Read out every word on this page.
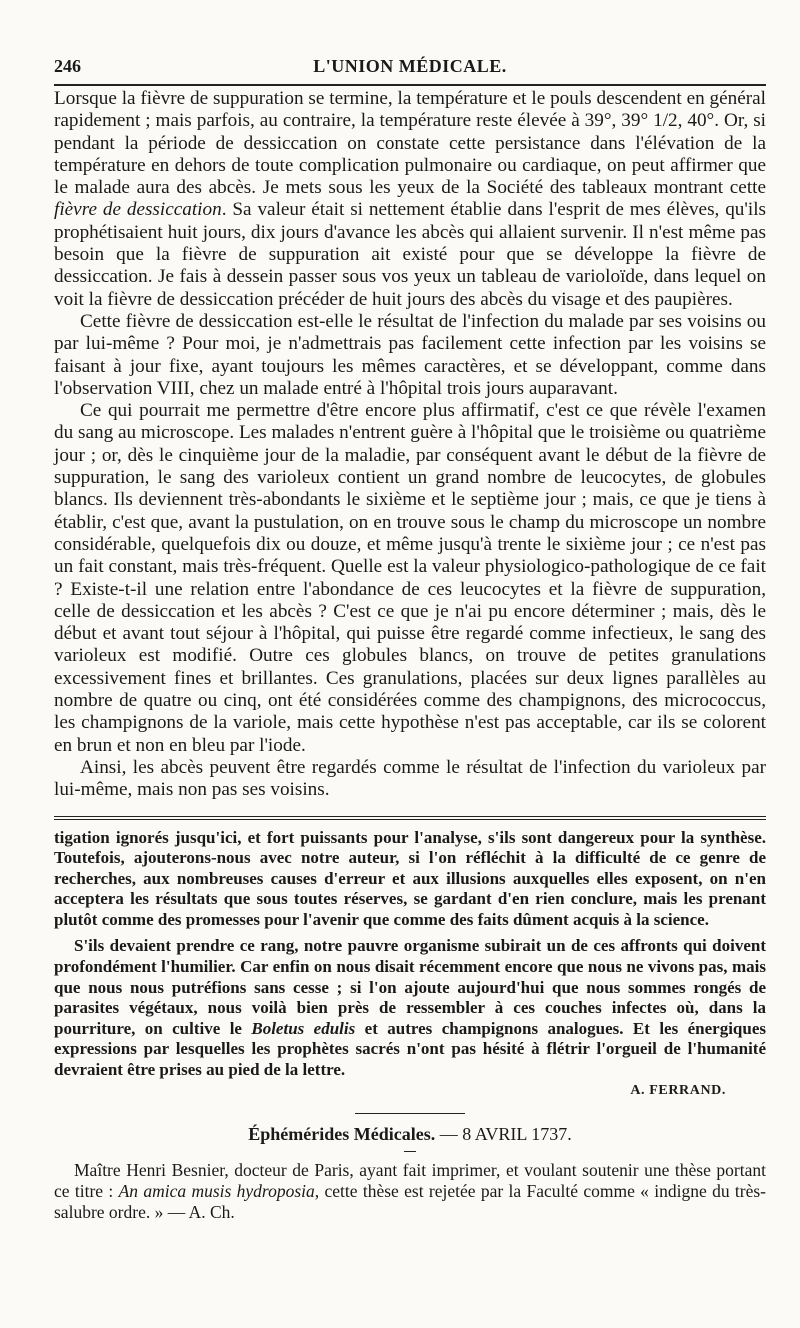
246	L'UNION MÉDICALE.

Lorsque la fièvre de suppuration se termine, la température et le pouls descendent en général rapidement ; mais parfois, au contraire, la température reste élevée à 39°, 39° 1/2, 40°. Or, si pendant la période de dessiccation on constate cette persistance dans l'élévation de la température en dehors de toute complication pulmonaire ou cardiaque, on peut affirmer que le malade aura des abcès. Je mets sous les yeux de la Société des tableaux montrant cette fièvre de dessiccation. Sa valeur était si nettement établie dans l'esprit de mes élèves, qu'ils prophétisaient huit jours, dix jours d'avance les abcès qui allaient survenir. Il n'est même pas besoin que la fièvre de suppuration ait existé pour que se développe la fièvre de dessiccation. Je fais à dessein passer sous vos yeux un tableau de varioloïde, dans lequel on voit la fièvre de dessiccation précéder de huit jours des abcès du visage et des paupières.

Cette fièvre de dessiccation est-elle le résultat de l'infection du malade par ses voisins ou par lui-même ? Pour moi, je n'admettrais pas facilement cette infection par les voisins se faisant à jour fixe, ayant toujours les mêmes caractères, et se développant, comme dans l'observation VIII, chez un malade entré à l'hôpital trois jours auparavant.

Ce qui pourrait me permettre d'être encore plus affirmatif, c'est ce que révèle l'examen du sang au microscope. Les malades n'entrent guère à l'hôpital que le troisième ou quatrième jour ; or, dès le cinquième jour de la maladie, par conséquent avant le début de la fièvre de suppuration, le sang des varioleux contient un grand nombre de leucocytes, de globules blancs. Ils deviennent très-abondants le sixième et le septième jour ; mais, ce que je tiens à établir, c'est que, avant la pustulation, on en trouve sous le champ du microscope un nombre considérable, quelquefois dix ou douze, et même jusqu'à trente le sixième jour ; ce n'est pas un fait constant, mais très-fréquent. Quelle est la valeur physiologico-pathologique de ce fait ? Existe-t-il une relation entre l'abondance de ces leucocytes et la fièvre de suppuration, celle de dessiccation et les abcès ? C'est ce que je n'ai pu encore déterminer ; mais, dès le début et avant tout séjour à l'hôpital, qui puisse être regardé comme infectieux, le sang des varioleux est modifié. Outre ces globules blancs, on trouve de petites granulations excessivement fines et brillantes. Ces granulations, placées sur deux lignes parallèles au nombre de quatre ou cinq, ont été considérées comme des champignons, des micrococcus, les champignons de la variole, mais cette hypothèse n'est pas acceptable, car ils se colorent en brun et non en bleu par l'iode.

Ainsi, les abcès peuvent être regardés comme le résultat de l'infection du varioleux par lui-même, mais non pas ses voisins.

tigation ignorés jusqu'ici, et fort puissants pour l'analyse, s'ils sont dangereux pour la synthèse. Toutefois, ajouterons-nous avec notre auteur, si l'on réfléchit à la difficulté de ce genre de recherches, aux nombreuses causes d'erreur et aux illusions auxquelles elles exposent, on n'en acceptera les résultats que sous toutes réserves, se gardant d'en rien conclure, mais les prenant plutôt comme des promesses pour l'avenir que comme des faits dûment acquis à la science.

S'ils devaient prendre ce rang, notre pauvre organisme subirait un de ces affronts qui doivent profondément l'humilier. Car enfin on nous disait récemment encore que nous ne vivons pas, mais que nous nous putréfions sans cesse ; si l'on ajoute aujourd'hui que nous sommes rongés de parasites végétaux, nous voilà bien près de ressembler à ces couches infectes où, dans la pourriture, on cultive le Boletus edulis et autres champignons analogues. Et les énergiques expressions par lesquelles les prophètes sacrés n'ont pas hésité à flétrir l'orgueil de l'humanité devraient être prises au pied de la lettre.

A. FERRAND.
Éphémérides Médicales. — 8 AVRIL 1737.

Maître Henri Besnier, docteur de Paris, ayant fait imprimer, et voulant soutenir une thèse portant ce titre : An amica musis hydroposia, cette thèse est rejetée par la Faculté comme « indigne du très-salubre ordre. » — A. Ch.
